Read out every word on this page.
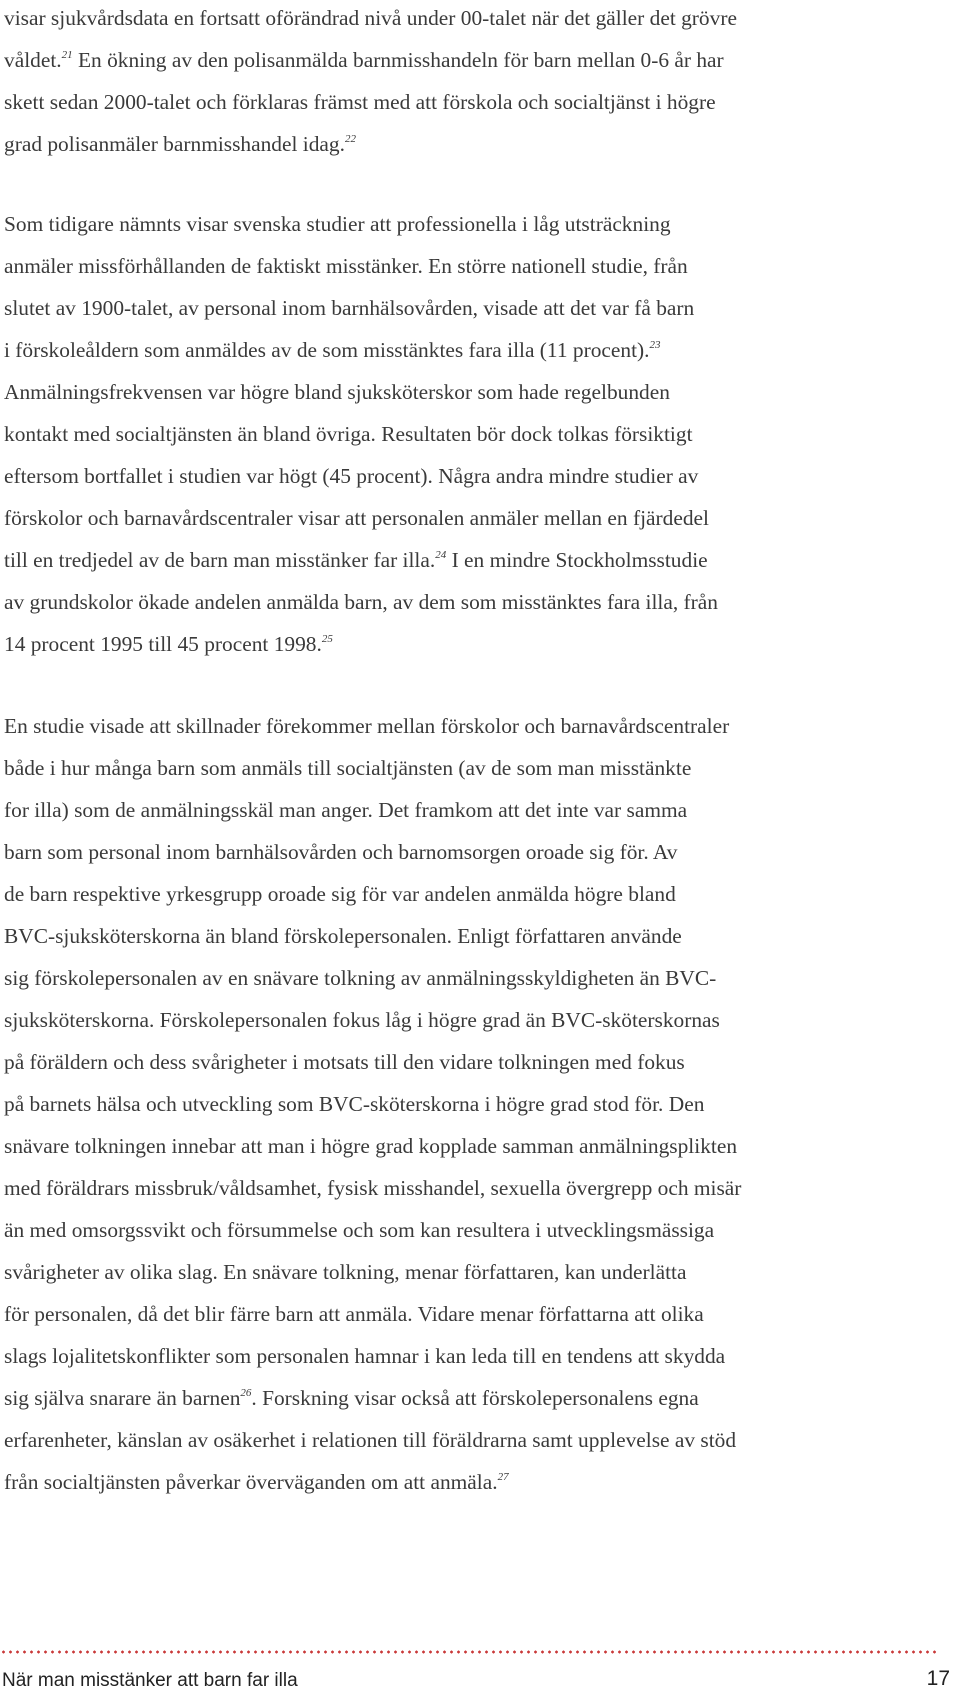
visar sjukvårdsdata en fortsatt oförändrad nivå under 00-talet när det gäller det grövre
våldet.$^{21}$ En ökning av den polisanmälda barnmisshandeln för barn mellan 0-6 år har
skett sedan 2000-talet och förklaras främst med att förskola och socialtjänst i högre
grad polisanmäler barnmisshandel idag.$^{22}$
Som tidigare nämnts visar svenska studier att professionella i låg utsträckning
anmäler missförhållanden de faktiskt misstänker. En större nationell studie, från
slutet av 1900-talet, av personal inom barnhälsovården, visade att det var få barn
i förskoleåldern som anmäldes av de som misstänktes fara illa (11 procent).$^{23}$
Anmälningsfrekvensen var högre bland sjuksköterskor som hade regelbunden
kontakt med socialtjänsten än bland övriga. Resultaten bör dock tolkas försiktigt
eftersom bortfallet i studien var högt (45 procent). Några andra mindre studier av
förskolor och barnavårdscentraler visar att personalen anmäler mellan en fjärdedel
till en tredjedel av de barn man misstänker far illa.$^{24}$ I en mindre Stockholmsstudie
av grundskolor ökade andelen anmälda barn, av dem som misstänktes fara illa, från
14 procent 1995 till 45 procent 1998.25
En studie visade att skillnader förekommer mellan förskolor och barnavårdscentraler
både i hur många barn som anmäls till socialtjänsten (av de som man misstänkte
for illa) som de anmälningsskäl man anger. Det framkom att det inte var samma
barn som personal inom barnhälsovården och barnomsorgen oroade sig för. Av
de barn respektive yrkesgrupp oroade sig för var andelen anmälda högre bland
BVC-sjuksköterskorna än bland förskolepersonalen. Enligt författaren använde
sig förskolepersonalen av en snävare tolkning av anmälningsskyldigheten än BVC-
sjuksköterskorna. Förskolepersonalen fokus låg i högre grad än BVC-sköterskornas
på föräldern och dess svårigheter i motsats till den vidare tolkningen med fokus
på barnets hälsa och utveckling som BVC-sköterskorna i högre grad stod för. Den
snävare tolkningen innebar att man i högre grad kopplade samman anmälningsplikten
med föräldrars missbruk/våldsamhet, fysisk misshandel, sexuella övergrepp och misär
än med omsorgssvikt och försummelse och som kan resultera i utvecklingsmässiga
svårigheter av olika slag. En snävare tolkning, menar författaren, kan underlätta
för personalen, då det blir färre barn att anmäla. Vidare menar författarna att olika
slags lojalitetskonflikter som personalen hamnar i kan leda till en tendens att skydda
sig själva snarare än barnen$^{26}$. Forskning visar också att förskolepersonalens egna
erfarenheter, känslan av osäkerhet i relationen till föräldrarna samt upplevelse av stöd
från socialtjänsten påverkar överväganden om att anmäla.$^{27}$
När man misstänker att barn far illa	17
